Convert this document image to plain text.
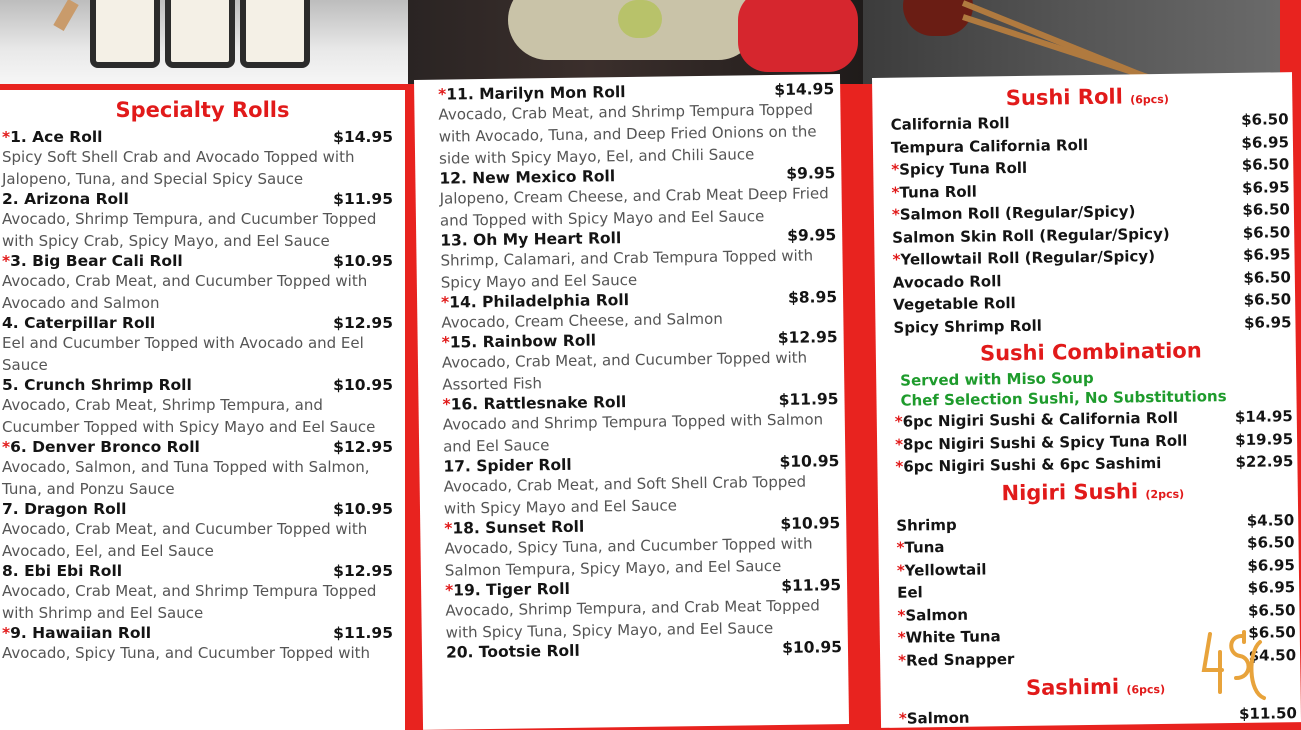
Specialty Rolls
*1. Ace Roll	$14.95
Spicy Soft Shell Crab and Avocado Topped with Jalopeno, Tuna, and Special Spicy Sauce
2. Arizona Roll	$11.95
Avocado, Shrimp Tempura, and Cucumber Topped with Spicy Crab, Spicy Mayo, and Eel Sauce
*3. Big Bear Cali Roll	$10.95
Avocado, Crab Meat, and Cucumber Topped with Avocado and Salmon
4. Caterpillar Roll	$12.95
Eel and Cucumber Topped with Avocado and Eel Sauce
5. Crunch Shrimp Roll	$10.95
Avocado, Crab Meat, Shrimp Tempura, and Cucumber Topped with Spicy Mayo and Eel Sauce
*6. Denver Bronco Roll	$12.95
Avocado, Salmon, and Tuna Topped with Salmon, Tuna, and Ponzu Sauce
7. Dragon Roll	$10.95
Avocado, Crab Meat, and Cucumber Topped with Avocado, Eel, and Eel Sauce
8. Ebi Ebi Roll	$12.95
Avocado, Crab Meat, and Shrimp Tempura Topped with Shrimp and Eel Sauce
*9. Hawaiian Roll	$11.95
Avocado, Spicy Tuna, and Cucumber Topped with
*11. Marilyn Mon Roll	$14.95
Avocado, Crab Meat, and Shrimp Tempura Topped with Avocado, Tuna, and Deep Fried Onions on the side with Spicy Mayo, Eel, and Chili Sauce
12. New Mexico Roll	$9.95
Jalopeno, Cream Cheese, and Crab Meat Deep Fried and Topped with Spicy Mayo and Eel Sauce
13. Oh My Heart Roll	$9.95
Shrimp, Calamari, and Crab Tempura Topped with Spicy Mayo and Eel Sauce
*14. Philadelphia Roll	$8.95
Avocado, Cream Cheese, and Salmon
*15. Rainbow Roll	$12.95
Avocado, Crab Meat, and Cucumber Topped with Assorted Fish
*16. Rattlesnake Roll	$11.95
Avocado and Shrimp Tempura Topped with Salmon and Eel Sauce
17. Spider Roll	$10.95
Avocado, Crab Meat, and Soft Shell Crab Topped with Spicy Mayo and Eel Sauce
*18. Sunset Roll	$10.95
Avocado, Spicy Tuna, and Cucumber Topped with Salmon Tempura, Spicy Mayo, and Eel Sauce
*19. Tiger Roll	$11.95
Avocado, Shrimp Tempura, and Crab Meat Topped with Spicy Tuna, Spicy Mayo, and Eel Sauce
20. Tootsie Roll	$10.95
Sushi Roll (6pcs)
California Roll	$6.50
Tempura California Roll	$6.95
*Spicy Tuna Roll	$6.50
*Tuna Roll	$6.95
*Salmon Roll (Regular/Spicy)	$6.50
Salmon Skin Roll (Regular/Spicy)	$6.50
*Yellowtail Roll (Regular/Spicy)	$6.95
Avocado Roll	$6.50
Vegetable Roll	$6.50
Spicy Shrimp Roll	$6.95
Sushi Combination
Served with Miso Soup
Chef Selection Sushi, No Substitutions
*6pc Nigiri Sushi & California Roll	$14.95
*8pc Nigiri Sushi & Spicy Tuna Roll	$19.95
*6pc Nigiri Sushi & 6pc Sashimi	$22.95
Nigiri Sushi (2pcs)
Shrimp	$4.50
*Tuna	$6.50
*Yellowtail	$6.95
Eel	$6.95
*Salmon	$6.50
*White Tuna	$6.50
*Red Snapper	$4.50
Sashimi (6pcs)
*Salmon	$11.50
